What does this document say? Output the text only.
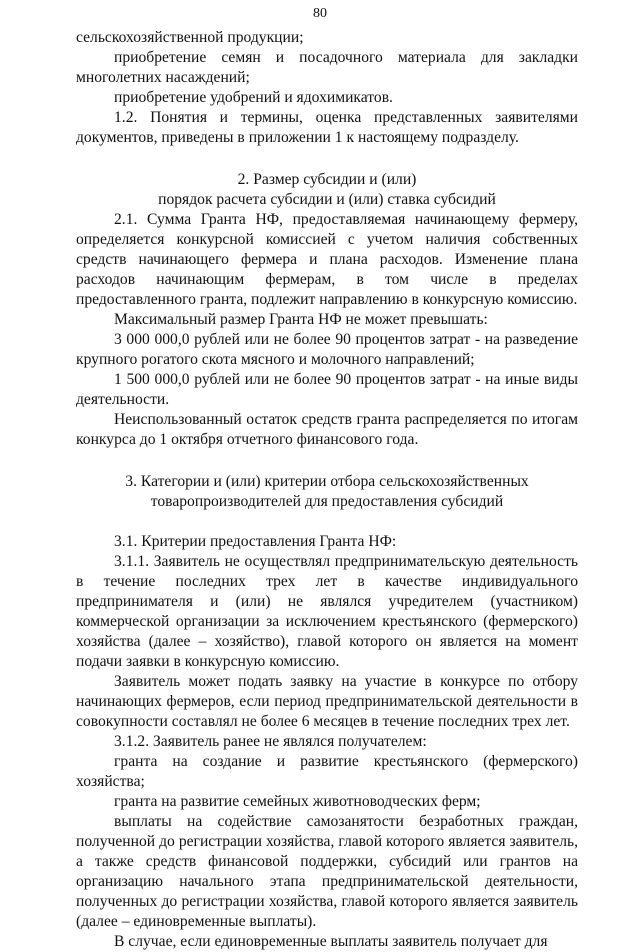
80

сельскохозяйственной продукции;

приобретение семян и посадочного материала для закладки многолетних насаждений;

приобретение удобрений и ядохимикатов.

1.2. Понятия и термины, оценка представленных заявителями документов, приведены в приложении 1 к настоящему подразделу.

2. Размер субсидии и (или)

порядок расчета субсидии и (или) ставка субсидий

2.1. Сумма Гранта НФ, предоставляемая начинающему фермеру, определяется конкурсной комиссией с учетом наличия собственных средств начинающего фермера и плана расходов. Изменение плана расходов начинающим фермерам, в том числе в пределах предоставленного гранта, подлежит направлению в конкурсную комиссию.

Максимальный размер Гранта НФ не может превышать:

3 000 000,0 рублей или не более 90 процентов затрат - на разведение крупного рогатого скота мясного и молочного направлений;

1 500 000,0 рублей или не более 90 процентов затрат - на иные виды деятельности.

Неиспользованный остаток средств гранта распределяется по итогам конкурса до 1 октября отчетного финансового года.

3. Категории и (или) критерии отбора сельскохозяйственных

товаропроизводителей для предоставления субсидий

3.1. Критерии предоставления Гранта НФ:

3.1.1. Заявитель не осуществлял предпринимательскую деятельность в течение последних трех лет в качестве индивидуального предпринимателя и (или) не являлся учредителем (участником) коммерческой организации за исключением крестьянского (фермерского) хозяйства (далее – хозяйство), главой которого он является на момент подачи заявки в конкурсную комиссию.

Заявитель может подать заявку на участие в конкурсе по отбору начинающих фермеров, если период предпринимательской деятельности в совокупности составлял не более 6 месяцев в течение последних трех лет.

3.1.2. Заявитель ранее не являлся получателем:

гранта на создание и развитие крестьянского (фермерского) хозяйства;

гранта на развитие семейных животноводческих ферм;

выплаты на содействие самозанятости безработных граждан, полученной до регистрации хозяйства, главой которого является заявитель, а также средств финансовой поддержки, субсидий или грантов на организацию начального этапа предпринимательской деятельности, полученных до регистрации хозяйства, главой которого является заявитель (далее – единовременные выплаты).

В случае, если единовременные выплаты заявитель получает для
